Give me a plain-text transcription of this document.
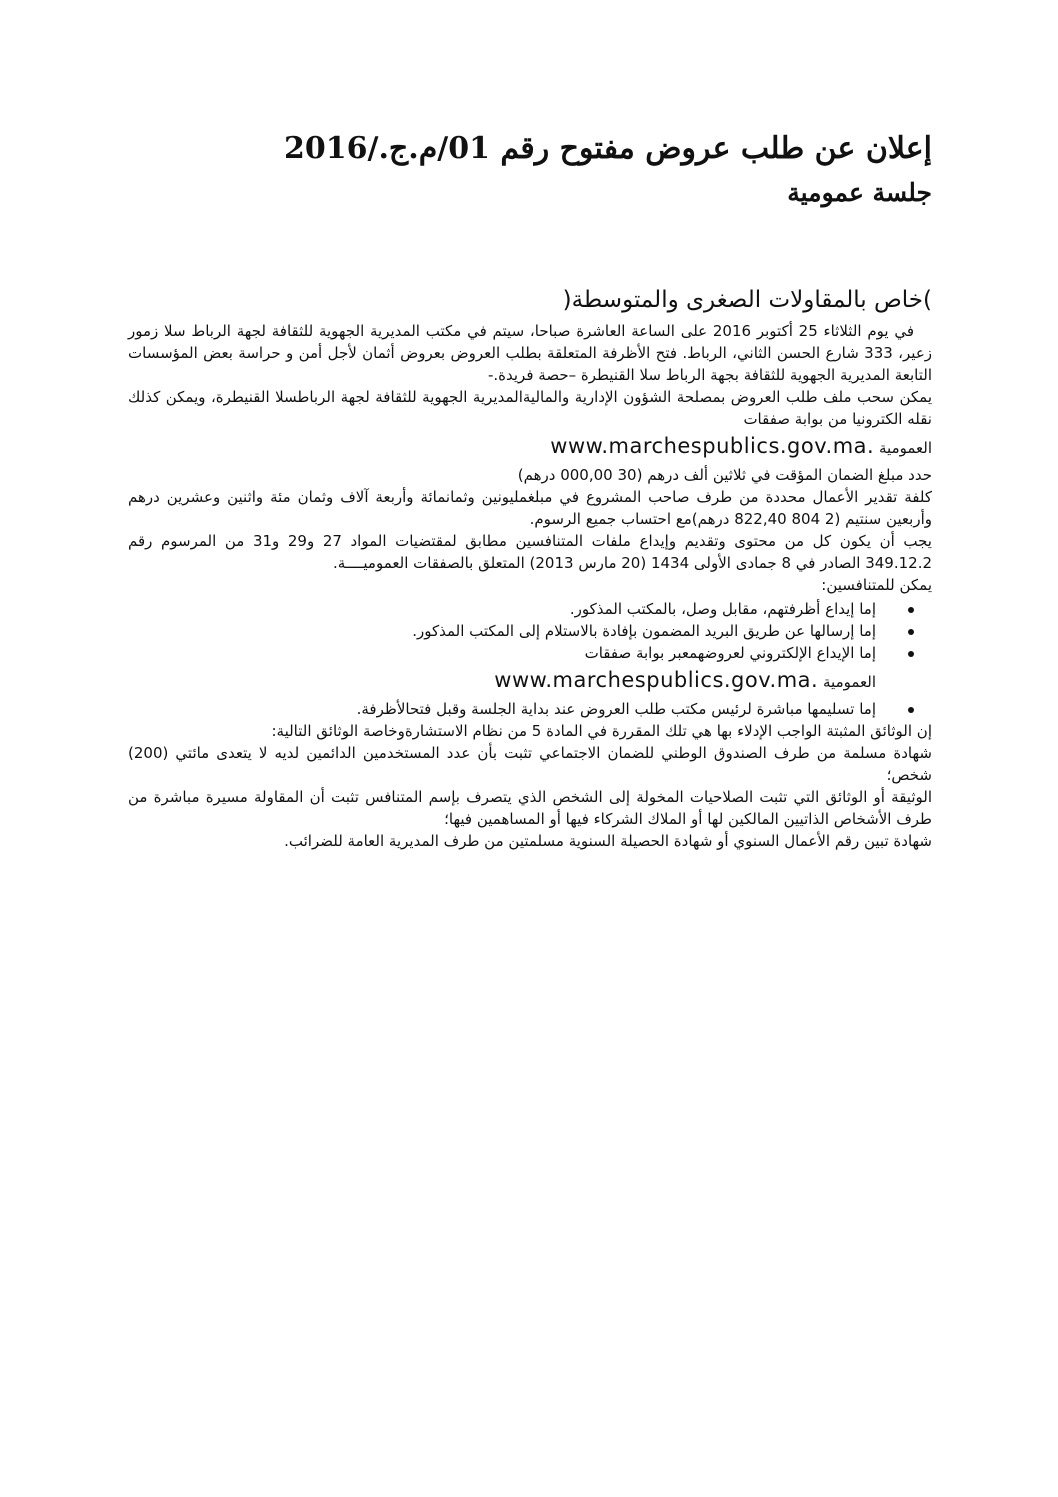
إعلان عن طلب عروض مفتوح رقم 01/م.ج./2016
جلسة عمومية
)خاص بالمقاولات الصغرى والمتوسطة(

في يوم الثلاثاء 25 أكتوبر 2016 على الساعة العاشرة صباحا، سيتم في مكتب المديرية الجهوية للثقافة لجهة الرباط سلا زمور زعير، 333 شارع الحسن الثاني، الرباط. فتح الأظرفة المتعلقة بطلب العروض بعروض أثمان لأجل أمن و حراسة بعض المؤسسات التابعة المديرية الجهوية للثقافة بجهة الرباط سلا القنيطرة –حصة فريدة.-

يمكن سحب ملف طلب العروض بمصلحة الشؤون الإدارية والماليةالمديرية الجهوية للثقافة لجهة الرباطسلا القنيطرة، ويمكن كذلك نقله الكترونيا من بوابة صفقات

العمومية www.marchespublics.gov.ma.

حدد مبلغ الضمان المؤقت في ثلاثين ألف درهم (30 000,00 درهم)

كلفة تقدير الأعمال محددة من طرف صاحب المشروع في مبلغمليونين وثمانمائة وأربعة آلاف وثمان مئة واثنين وعشرين درهم وأربعين سنتيم (2 804 822,40 درهم)مع احتساب جميع الرسوم.

يجب أن يكون كل من محتوى وتقديم وإيداع ملفات المتنافسين مطابق لمقتضيات المواد 27 و29 و31 من المرسوم رقم 349.12.2 الصادر في 8 جمادى الأولى 1434 (20 مارس 2013) المتعلق بالصفقات العموميــــة.

يمكن للمتنافسين:

إما إيداع أظرفتهم، مقابل وصل، بالمكتب المذكور.
إما إرسالها عن طريق البريد المضمون بإفادة بالاستلام إلى المكتب المذكور.
إما الإيداع الإلكتروني لعروضهمعبر بوابة صفقات
العمومية www.marchespublics.gov.ma.
إما تسليمها مباشرة لرئيس مكتب طلب العروض عند بداية الجلسة وقبل فتحالأظرفة.

إن الوثائق المثبتة الواجب الإدلاء بها هي تلك المقررة في المادة 5 من نظام الاستشارةوخاصة الوثائق التالية:

شهادة مسلمة من طرف الصندوق الوطني للضمان الاجتماعي تثبت بأن عدد المستخدمين الدائمين لديه لا يتعدى مائتي (200) شخص؛

الوثيقة أو الوثائق التي تثبت الصلاحيات المخولة إلى الشخص الذي يتصرف بإسم المتنافس تثبت أن المقاولة مسيرة مباشرة من طرف الأشخاص الذاتيين المالكين لها أو الملاك الشركاء فيها أو المساهمين فيها؛

شهادة تبين رقم الأعمال السنوي أو شهادة الحصيلة السنوية مسلمتين من طرف المديرية العامة للضرائب.
